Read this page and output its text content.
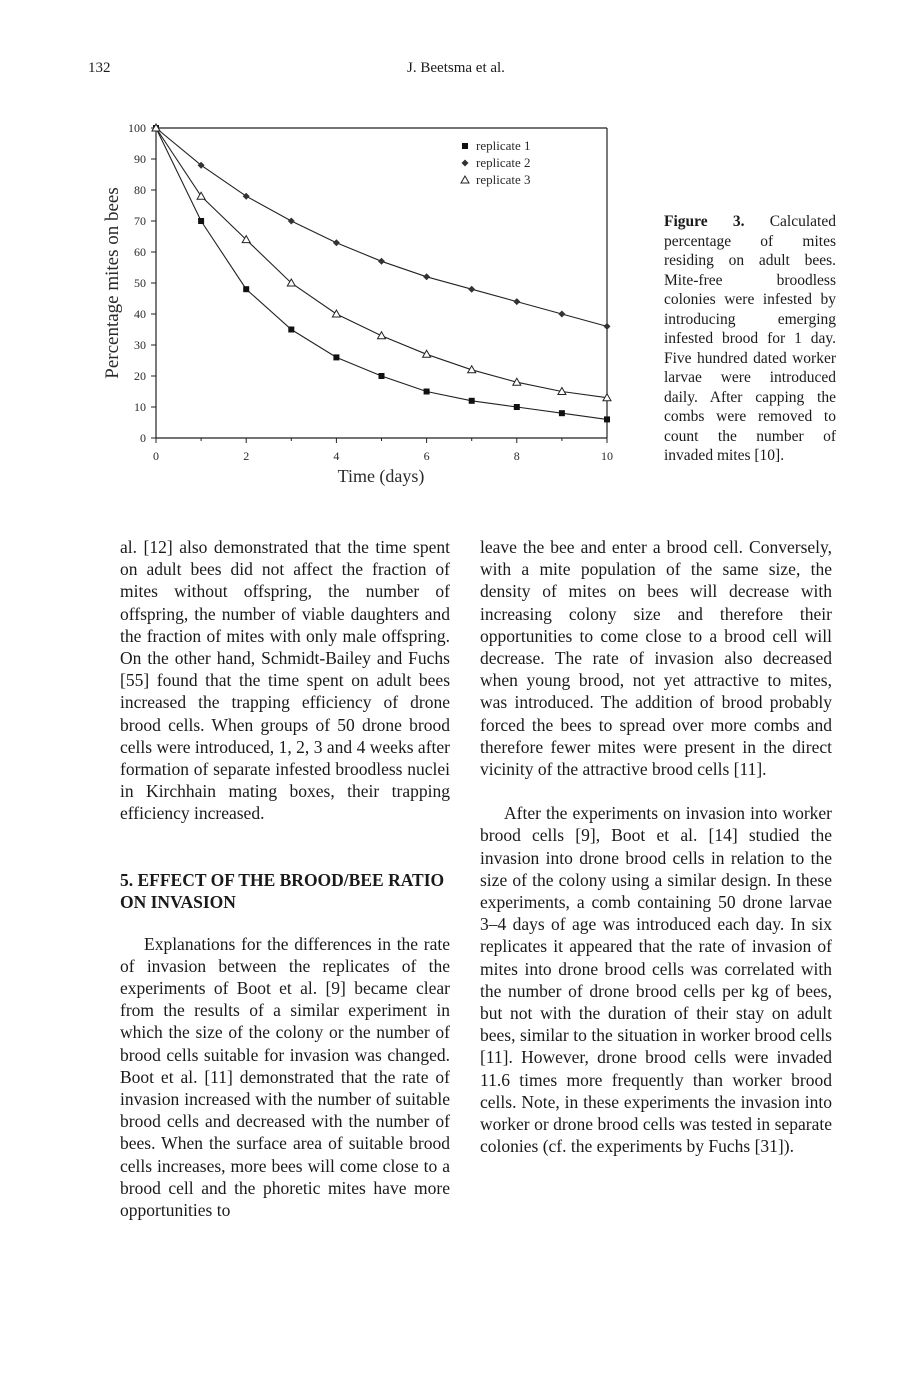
132	J. Beetsma et al.
0
10
20
30
40
50
60
70
80
90
100
0	2	4	6	8	10
replicate 1
replicate 2
replicate 3
Time (days)
Percentage mites on bees	Figure 3. Calculated percentage of mites residing on adult bees. Mite-free broodless colonies were infested by introducing emerging infested brood for 1 day. Five hundred dated worker larvae were introduced daily. After capping the combs were removed to count the number of invaded mites [10].

al. [12] also demonstrated that the time spent on adult bees did not affect the fraction of mites without offspring, the number of offspring, the number of viable daughters and the fraction of mites with only male offspring. On the other hand, Schmidt-Bailey and Fuchs [55] found that the time spent on adult bees increased the trapping efficiency of drone brood cells. When groups of 50 drone brood cells were introduced, 1, 2, 3 and 4 weeks after formation of separate infested broodless nuclei in Kirchhain mating boxes, their trapping efficiency increased.

5. EFFECT OF THE BROOD/BEE RATIO ON INVASION

Explanations for the differences in the rate of invasion between the replicates of the experiments of Boot et al. [9] became clear from the results of a similar experiment in which the size of the colony or the number of brood cells suitable for invasion was changed. Boot et al. [11] demonstrated that the rate of invasion increased with the number of suitable brood cells and decreased with the number of bees. When the surface area of suitable brood cells increases, more bees will come close to a brood cell and the phoretic mites have more opportunities to

leave the bee and enter a brood cell. Conversely, with a mite population of the same size, the density of mites on bees will decrease with increasing colony size and therefore their opportunities to come close to a brood cell will decrease. The rate of invasion also decreased when young brood, not yet attractive to mites, was introduced. The addition of brood probably forced the bees to spread over more combs and therefore fewer mites were present in the direct vicinity of the attractive brood cells [11].

After the experiments on invasion into worker brood cells [9], Boot et al. [14] studied the invasion into drone brood cells in relation to the size of the colony using a similar design. In these experiments, a comb containing 50 drone larvae 3–4 days of age was introduced each day. In six replicates it appeared that the rate of invasion of mites into drone brood cells was correlated with the number of drone brood cells per kg of bees, but not with the duration of their stay on adult bees, similar to the situation in worker brood cells [11]. However, drone brood cells were invaded 11.6 times more frequently than worker brood cells. Note, in these experiments the invasion into worker or drone brood cells was tested in separate colonies (cf. the experiments by Fuchs [31]).
